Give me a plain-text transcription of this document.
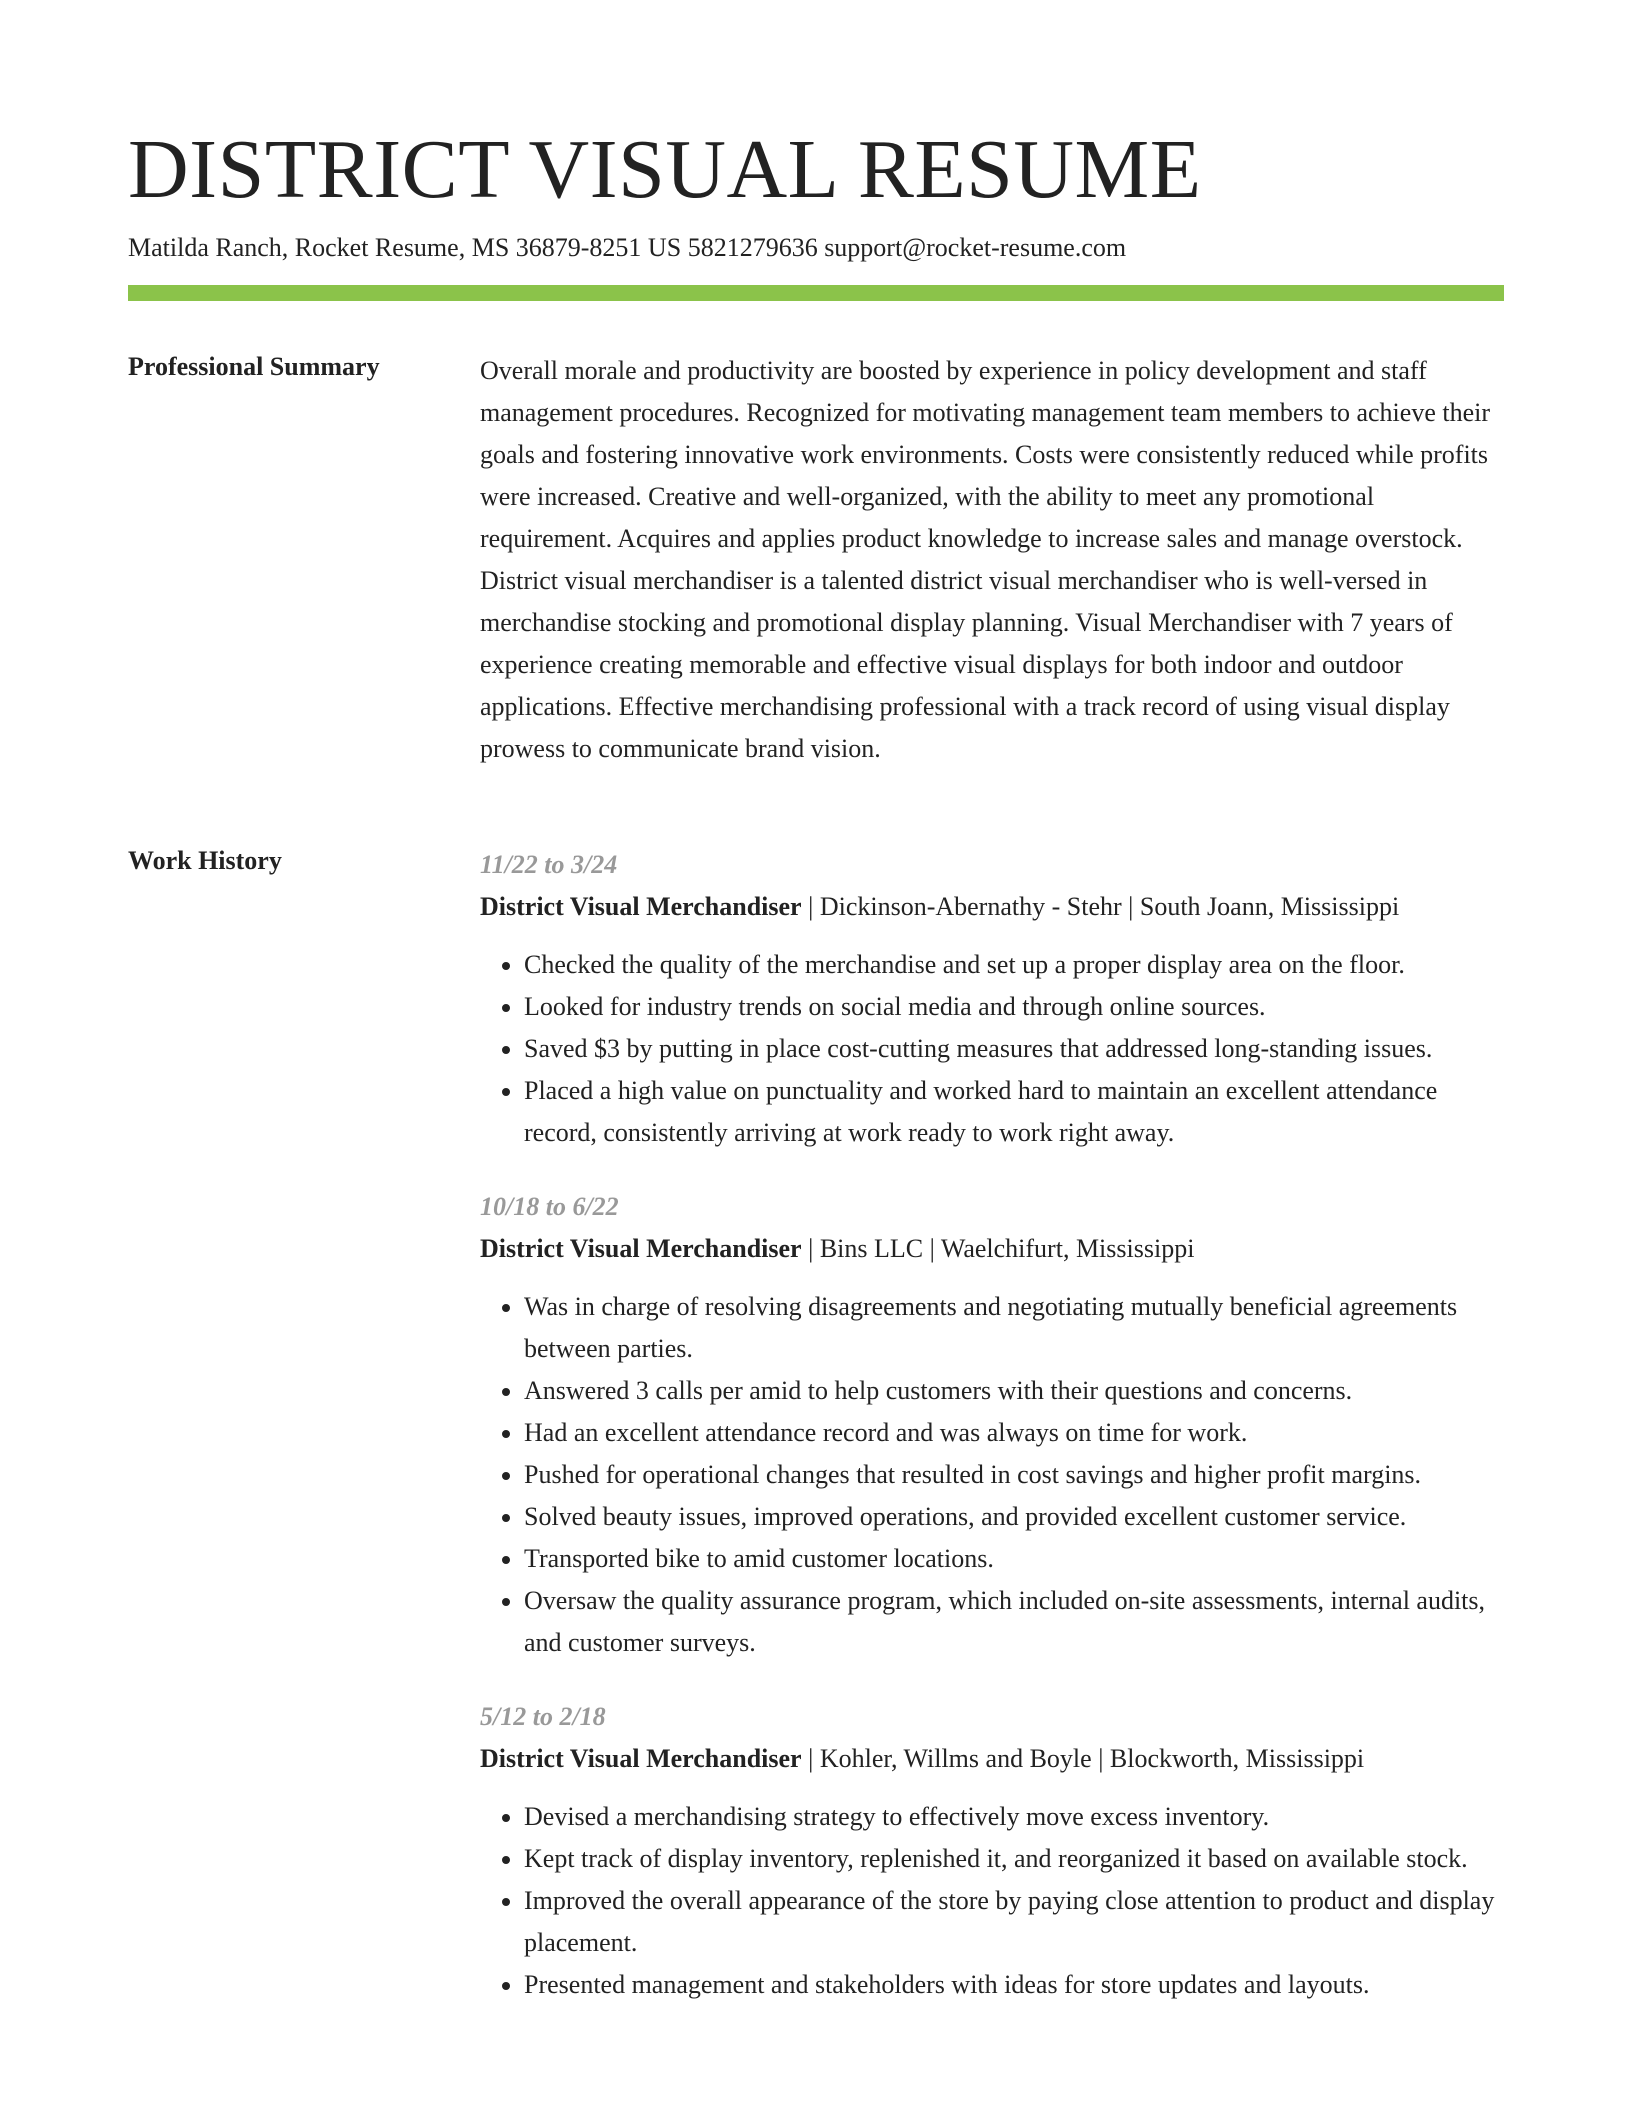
DISTRICT VISUAL RESUME
Matilda Ranch, Rocket Resume, MS 36879-8251 US 5821279636 support@rocket-resume.com
Professional Summary	Overall morale and productivity are boosted by experience in policy development and staff management procedures. Recognized for motivating management team members to achieve their goals and fostering innovative work environments. Costs were consistently reduced while profits were increased. Creative and well-organized, with the ability to meet any promotional requirement. Acquires and applies product knowledge to increase sales and manage overstock. District visual merchandiser is a talented district visual merchandiser who is well-versed in merchandise stocking and promotional display planning. Visual Merchandiser with 7 years of experience creating memorable and effective visual displays for both indoor and outdoor applications. Effective merchandising professional with a track record of using visual display prowess to communicate brand vision.

Work History	11/22 to 3/24
District Visual Merchandiser | Dickinson-Abernathy - Stehr | South Joann, Mississippi
• Checked the quality of the merchandise and set up a proper display area on the floor.
• Looked for industry trends on social media and through online sources.
• Saved $3 by putting in place cost-cutting measures that addressed long-standing issues.
• Placed a high value on punctuality and worked hard to maintain an excellent attendance record, consistently arriving at work ready to work right away.
10/18 to 6/22
District Visual Merchandiser | Bins LLC | Waelchifurt, Mississippi
• Was in charge of resolving disagreements and negotiating mutually beneficial agreements between parties.
• Answered 3 calls per amid to help customers with their questions and concerns.
• Had an excellent attendance record and was always on time for work.
• Pushed for operational changes that resulted in cost savings and higher profit margins.
• Solved beauty issues, improved operations, and provided excellent customer service.
• Transported bike to amid customer locations.
• Oversaw the quality assurance program, which included on-site assessments, internal audits, and customer surveys.
5/12 to 2/18
District Visual Merchandiser | Kohler, Willms and Boyle | Blockworth, Mississippi
• Devised a merchandising strategy to effectively move excess inventory.
• Kept track of display inventory, replenished it, and reorganized it based on available stock.
• Improved the overall appearance of the store by paying close attention to product and display placement.
• Presented management and stakeholders with ideas for store updates and layouts.
